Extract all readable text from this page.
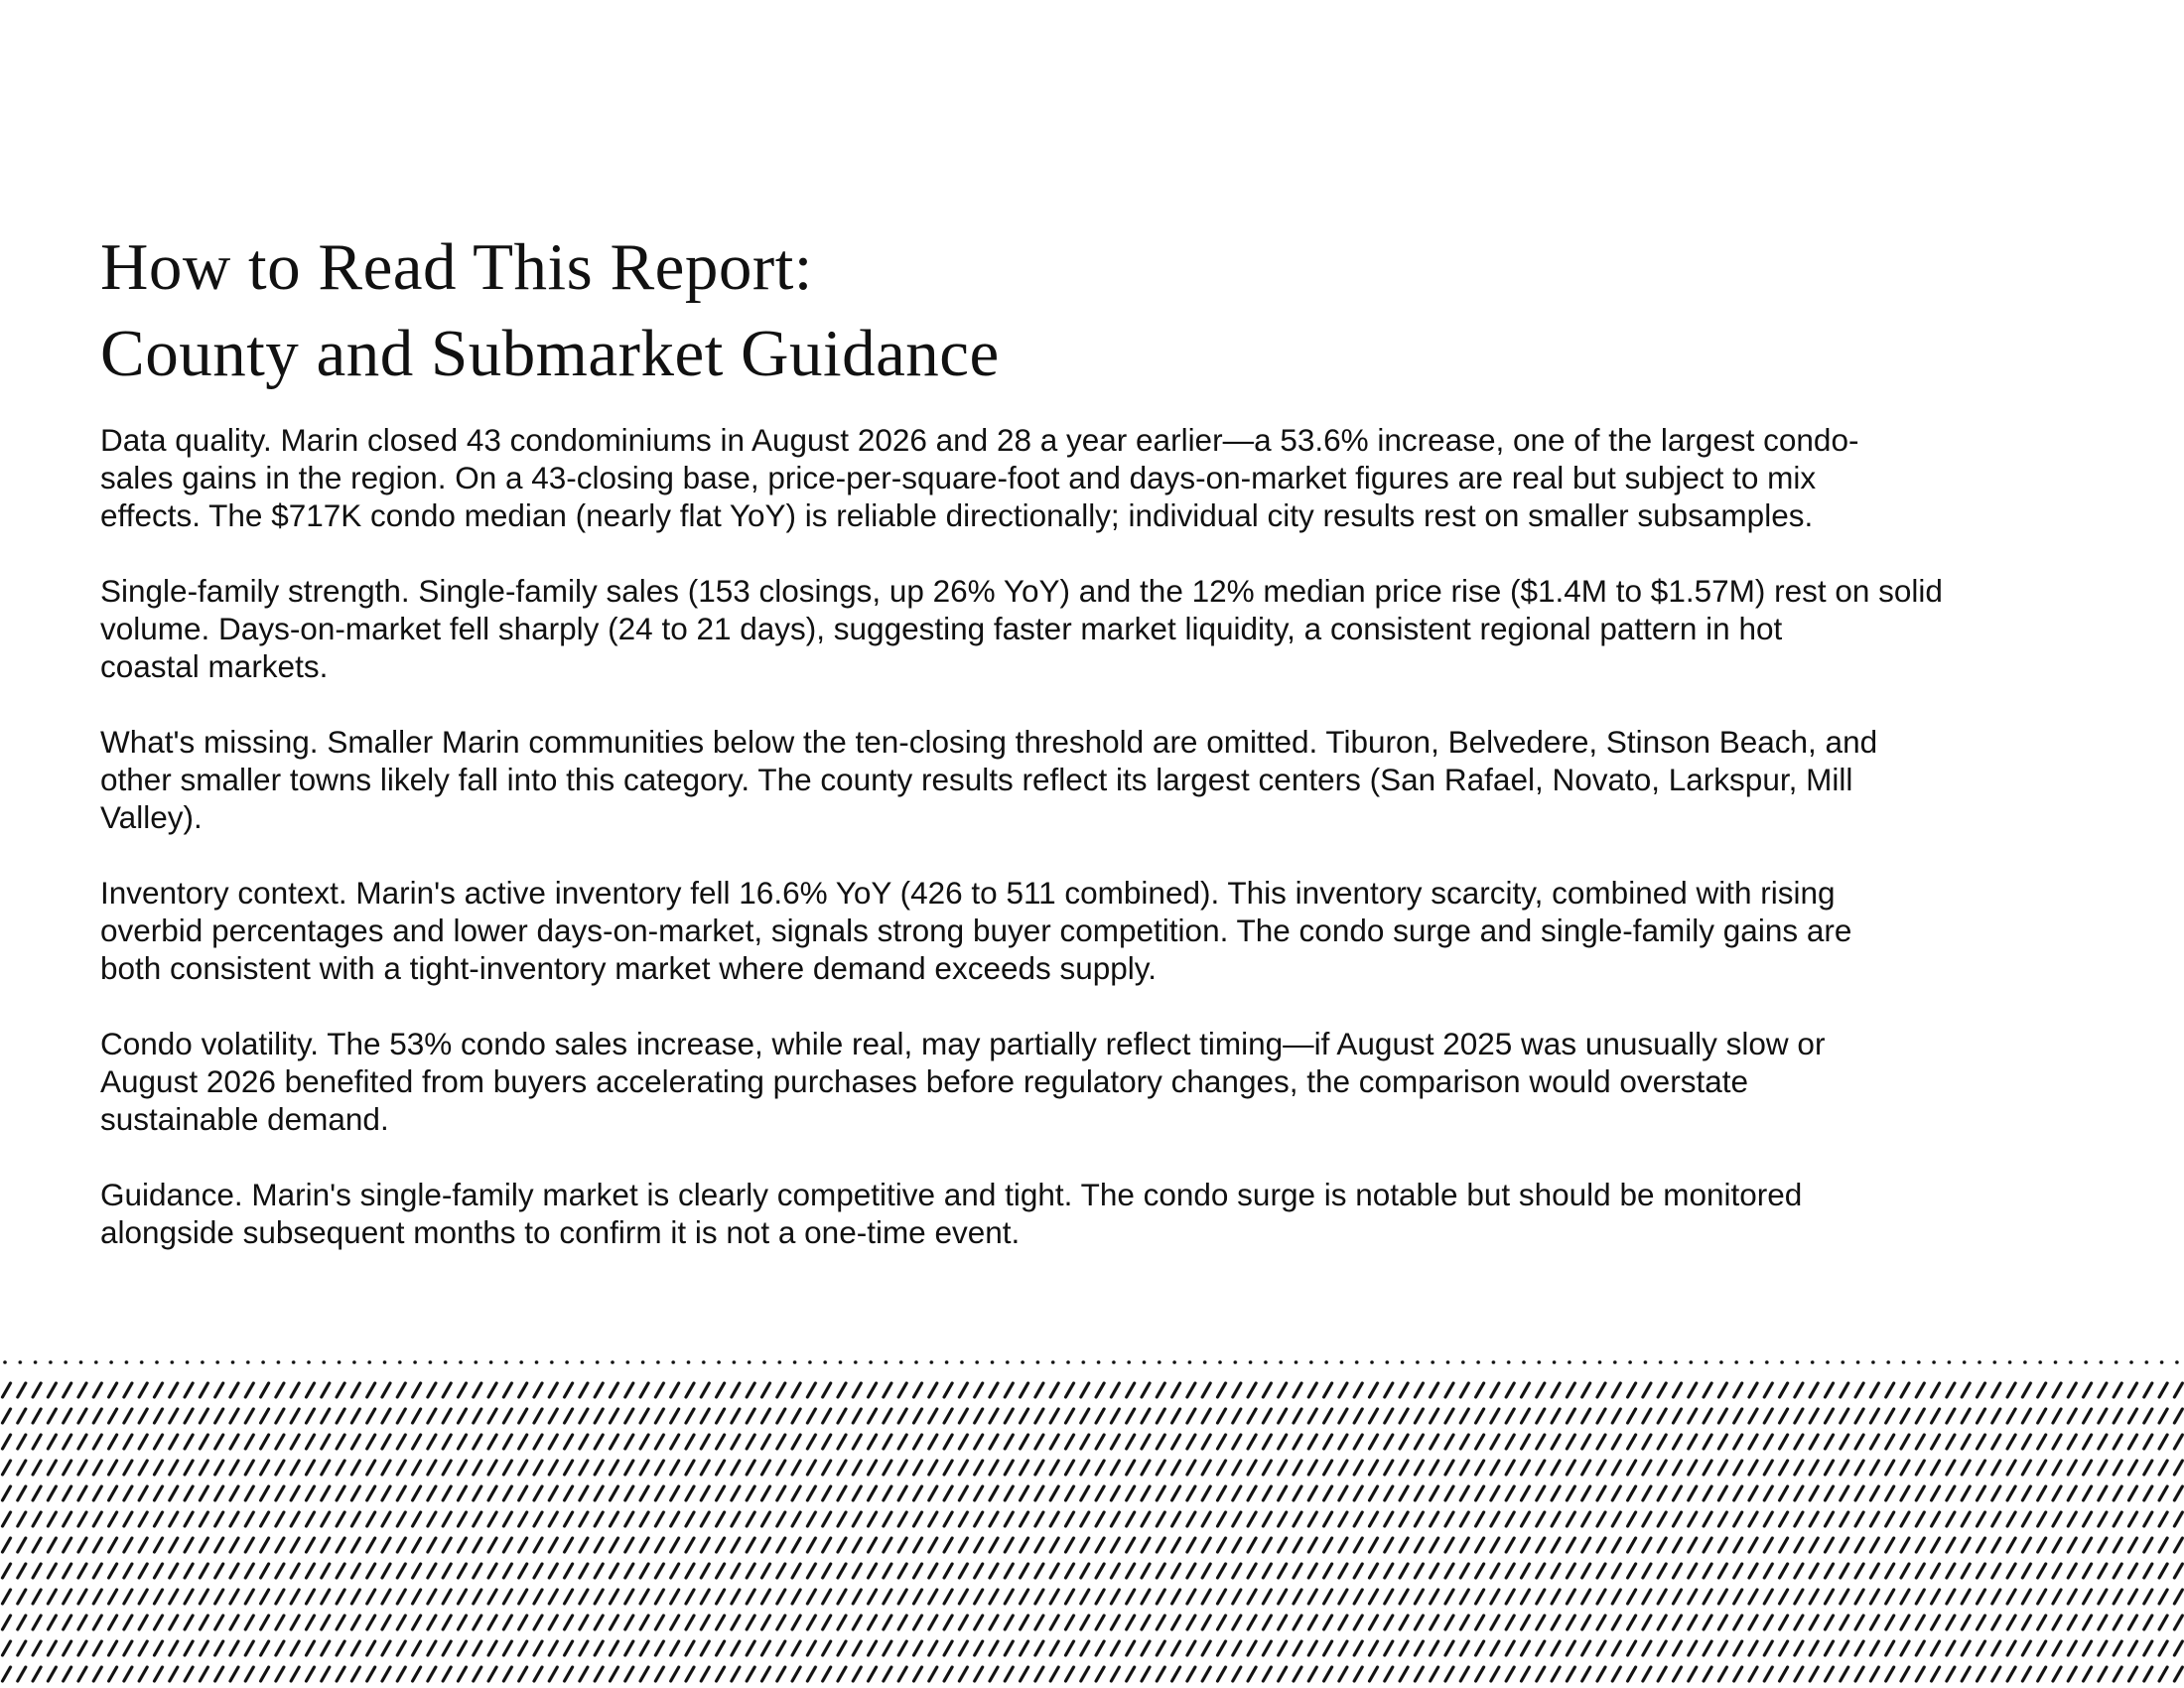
How to Read This Report:
County and Submarket Guidance

Data quality. Marin closed 43 condominiums in August 2026 and 28 a year earlier—a 53.6% increase, one of the largest condo-
sales gains in the region. On a 43-closing base, price-per-square-foot and days-on-market figures are real but subject to mix
effects. The $717K condo median (nearly flat YoY) is reliable directionally; individual city results rest on smaller subsamples.

Single-family strength. Single-family sales (153 closings, up 26% YoY) and the 12% median price rise ($1.4M to $1.57M) rest on solid
volume. Days-on-market fell sharply (24 to 21 days), suggesting faster market liquidity, a consistent regional pattern in hot
coastal markets.

What's missing. Smaller Marin communities below the ten-closing threshold are omitted. Tiburon, Belvedere, Stinson Beach, and
other smaller towns likely fall into this category. The county results reflect its largest centers (San Rafael, Novato, Larkspur, Mill
Valley).

Inventory context. Marin's active inventory fell 16.6% YoY (426 to 511 combined). This inventory scarcity, combined with rising
overbid percentages and lower days-on-market, signals strong buyer competition. The condo surge and single-family gains are
both consistent with a tight-inventory market where demand exceeds supply.

Condo volatility. The 53% condo sales increase, while real, may partially reflect timing—if August 2025 was unusually slow or
August 2026 benefited from buyers accelerating purchases before regulatory changes, the comparison would overstate
sustainable demand.

Guidance. Marin's single-family market is clearly competitive and tight. The condo surge is notable but should be monitored
alongside subsequent months to confirm it is not a one-time event.
